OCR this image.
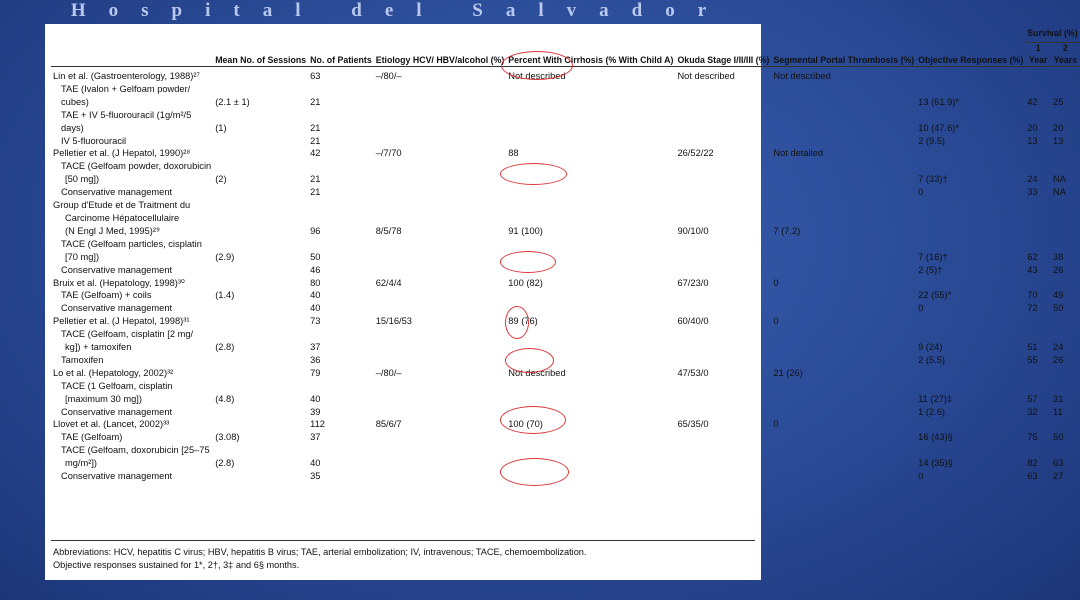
Hospital del Salvador
	Mean No. of Sessions	No. of Patients	Etiology HCV/ HBV/alcohol (%)	Percent With Cirrhosis (% With Child A)	Okuda Stage I/II/III (%)	Segmental Portal Thrombosis (%)	Objective Responses (%)	Survival (%)	
								1 Year	2 Years

Lin et al. (Gastroenterology, 1988)²⁷		63	–/80/–	Not described	Not described	Not described			
TAE (Ivalon + Gelfoam powder/									
cubes)	(2.1 ± 1)	21					13 (61.9)*	42	25
TAE + IV 5-fluorouracil (1g/m²/5									
days)	(1)	21					10 (47.6)*	20	20
IV 5-fluorouracil		21					2 (9.5)	13	13
Pelletier et al. (J Hepatol, 1990)²⁸		42	–/7/70	88	26/52/22	Not detailed			
TACE (Gelfoam powder, doxorubicin									
[50 mg])	(2)	21					7 (33)†	24	NA
Conservative management		21					0	33	NA
Group d'Etude et de Traitment du									
Carcinome Hépatocellulaire									
(N Engl J Med, 1995)²⁹		96	8/5/78	91 (100)	90/10/0	7 (7.2)			
TACE (Gelfoam particles, cisplatin									
[70 mg])	(2.9)	50					7 (16)†	62	38
Conservative management		46					2 (5)†	43	26
Bruix et al. (Hepatology, 1998)³⁰		80	62/4/4	100 (82)	67/23/0	0			
TAE (Gelfoam) + coils	(1.4)	40					22 (55)*	70	49
Conservative management		40					0	72	50
Pelletier et al. (J Hepatol, 1998)³¹		73	15/16/53	89 (76)	60/40/0	0			
TACE (Gelfoam, cisplatin [2 mg/									
kg]) + tamoxifen	(2.8)	37					9 (24)	51	24
Tamoxifen		36					2 (5.5)	55	26
Lo et al. (Hepatology, 2002)³²		79	–/80/–	Not described	47/53/0	21 (26)			
TACE (1 Gelfoam, cisplatin									
[maximum 30 mg])	(4.8)	40					11 (27)‡	57	31
Conservative management		39					1 (2.6)	32	11
Llovet et al. (Lancet, 2002)³³		112	85/6/7	100 (70)	65/35/0	0			
TAE (Gelfoam)	(3.08)	37					16 (43)§	75	50
TACE (Gelfoam, doxorubicin [25–75									
mg/m²])	(2.8)	40					14 (35)§	82	63
Conservative management		35					0	63	27
Abbreviations: HCV, hepatitis C virus; HBV, hepatitis B virus; TAE, arterial embolization; IV, intravenous; TACE, chemoembolization.
Objective responses sustained for 1*, 2†, 3‡ and 6§ months.
